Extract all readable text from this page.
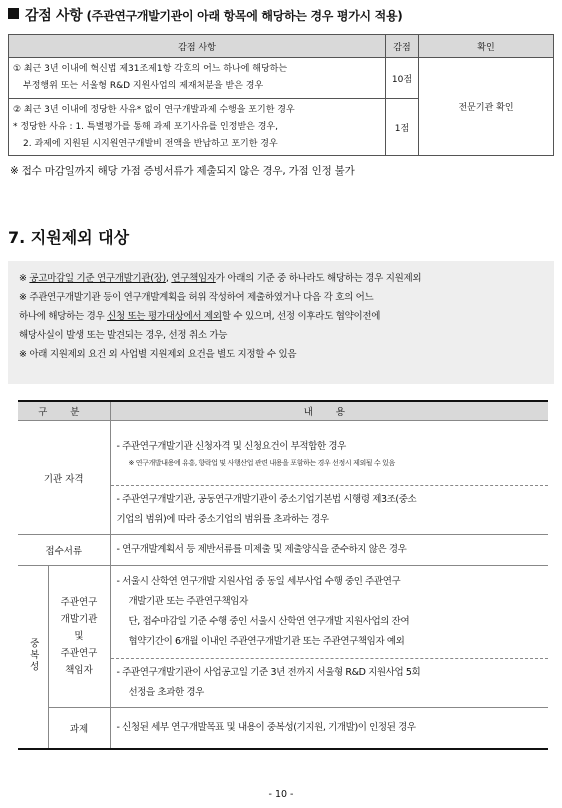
감점 사항 (주관연구개발기관이 아래 항목에 해당하는 경우 평가시 적용)
감점 사항	감점	확인

① 최근 3년 이내에 혁신법 제31조제1항 각호의 어느 하나에 해당하는
부정행위 또는 서울형 R&D 지원사업의 제재처분을 받은 경우	10점	전문기관 확인

② 최근 3년 이내에 정당한 사유* 없이 연구개발과제 수행을 포기한 경우
* 정당한 사유 : 1. 특별평가를 통해 과제 포기사유를 인정받은 경우,
2. 과제에 지원된 시지원연구개발비 전액을 반납하고 포기한 경우	1점	
※ 접수 마감일까지 해당 가점 증빙서류가 제출되지 않은 경우, 가점 인정 불가
7. 지원제외 대상
※ 공고마감일 기준 연구개발기관(장), 연구책임자가 아래의 기준 중 하나라도 해당하는 경우 지원제외
※ 주관연구개발기관 등이 연구개발계획을 허위 작성하여 제출하였거나 다음 각 호의 어느
하나에 해당하는 경우 신청 또는 평가대상에서 제외할 수 있으며, 선정 이후라도 협약이전에
해당사실이 발생 또는 발견되는 경우, 선정 취소 가능
※ 아래 지원제외 요건 외 사업별 지원제외 요건을 별도 지정할 수 있음
구 분		내 용
기관 자격		- 주관연구개발기관 신청자격 및 신청요건이 부적합한 경우
※ 연구개발내용에 유흥, 향락업 및 사행산업 관련 내용을 포함하는 경우 선정시 제외될 수 있음

		- 주관연구개발기관, 공동연구개발기관이 중소기업기본법 시행령 제3조(중소
기업의 범위)에 따라 중소기업의 범위를 초과하는 경우

접수서류		- 연구개발계획서 등 제반서류를 미제출 및 제출양식을 준수하지 않은 경우

중복성	주관연구
개발기관
및
주관연구
책임자	- 서울시 산학연 연구개발 지원사업 중 동일 세부사업 수행 중인 주관연구
개발기관 또는 주관연구책임자
단, 접수마감일 기준 수행 중인 서울시 산학연 연구개발 지원사업의 잔여
협약기간이 6개월 이내인 주관연구개발기관 또는 주관연구책임자 예외

		- 주관연구개발기관이 사업공고일 기준 3년 전까지 서울형 R&D 지원사업 5회
선정을 초과한 경우

	과제	- 신청된 세부 연구개발목표 및 내용이 중복성(기지원, 기개발)이 인정된 경우
- 10 -
